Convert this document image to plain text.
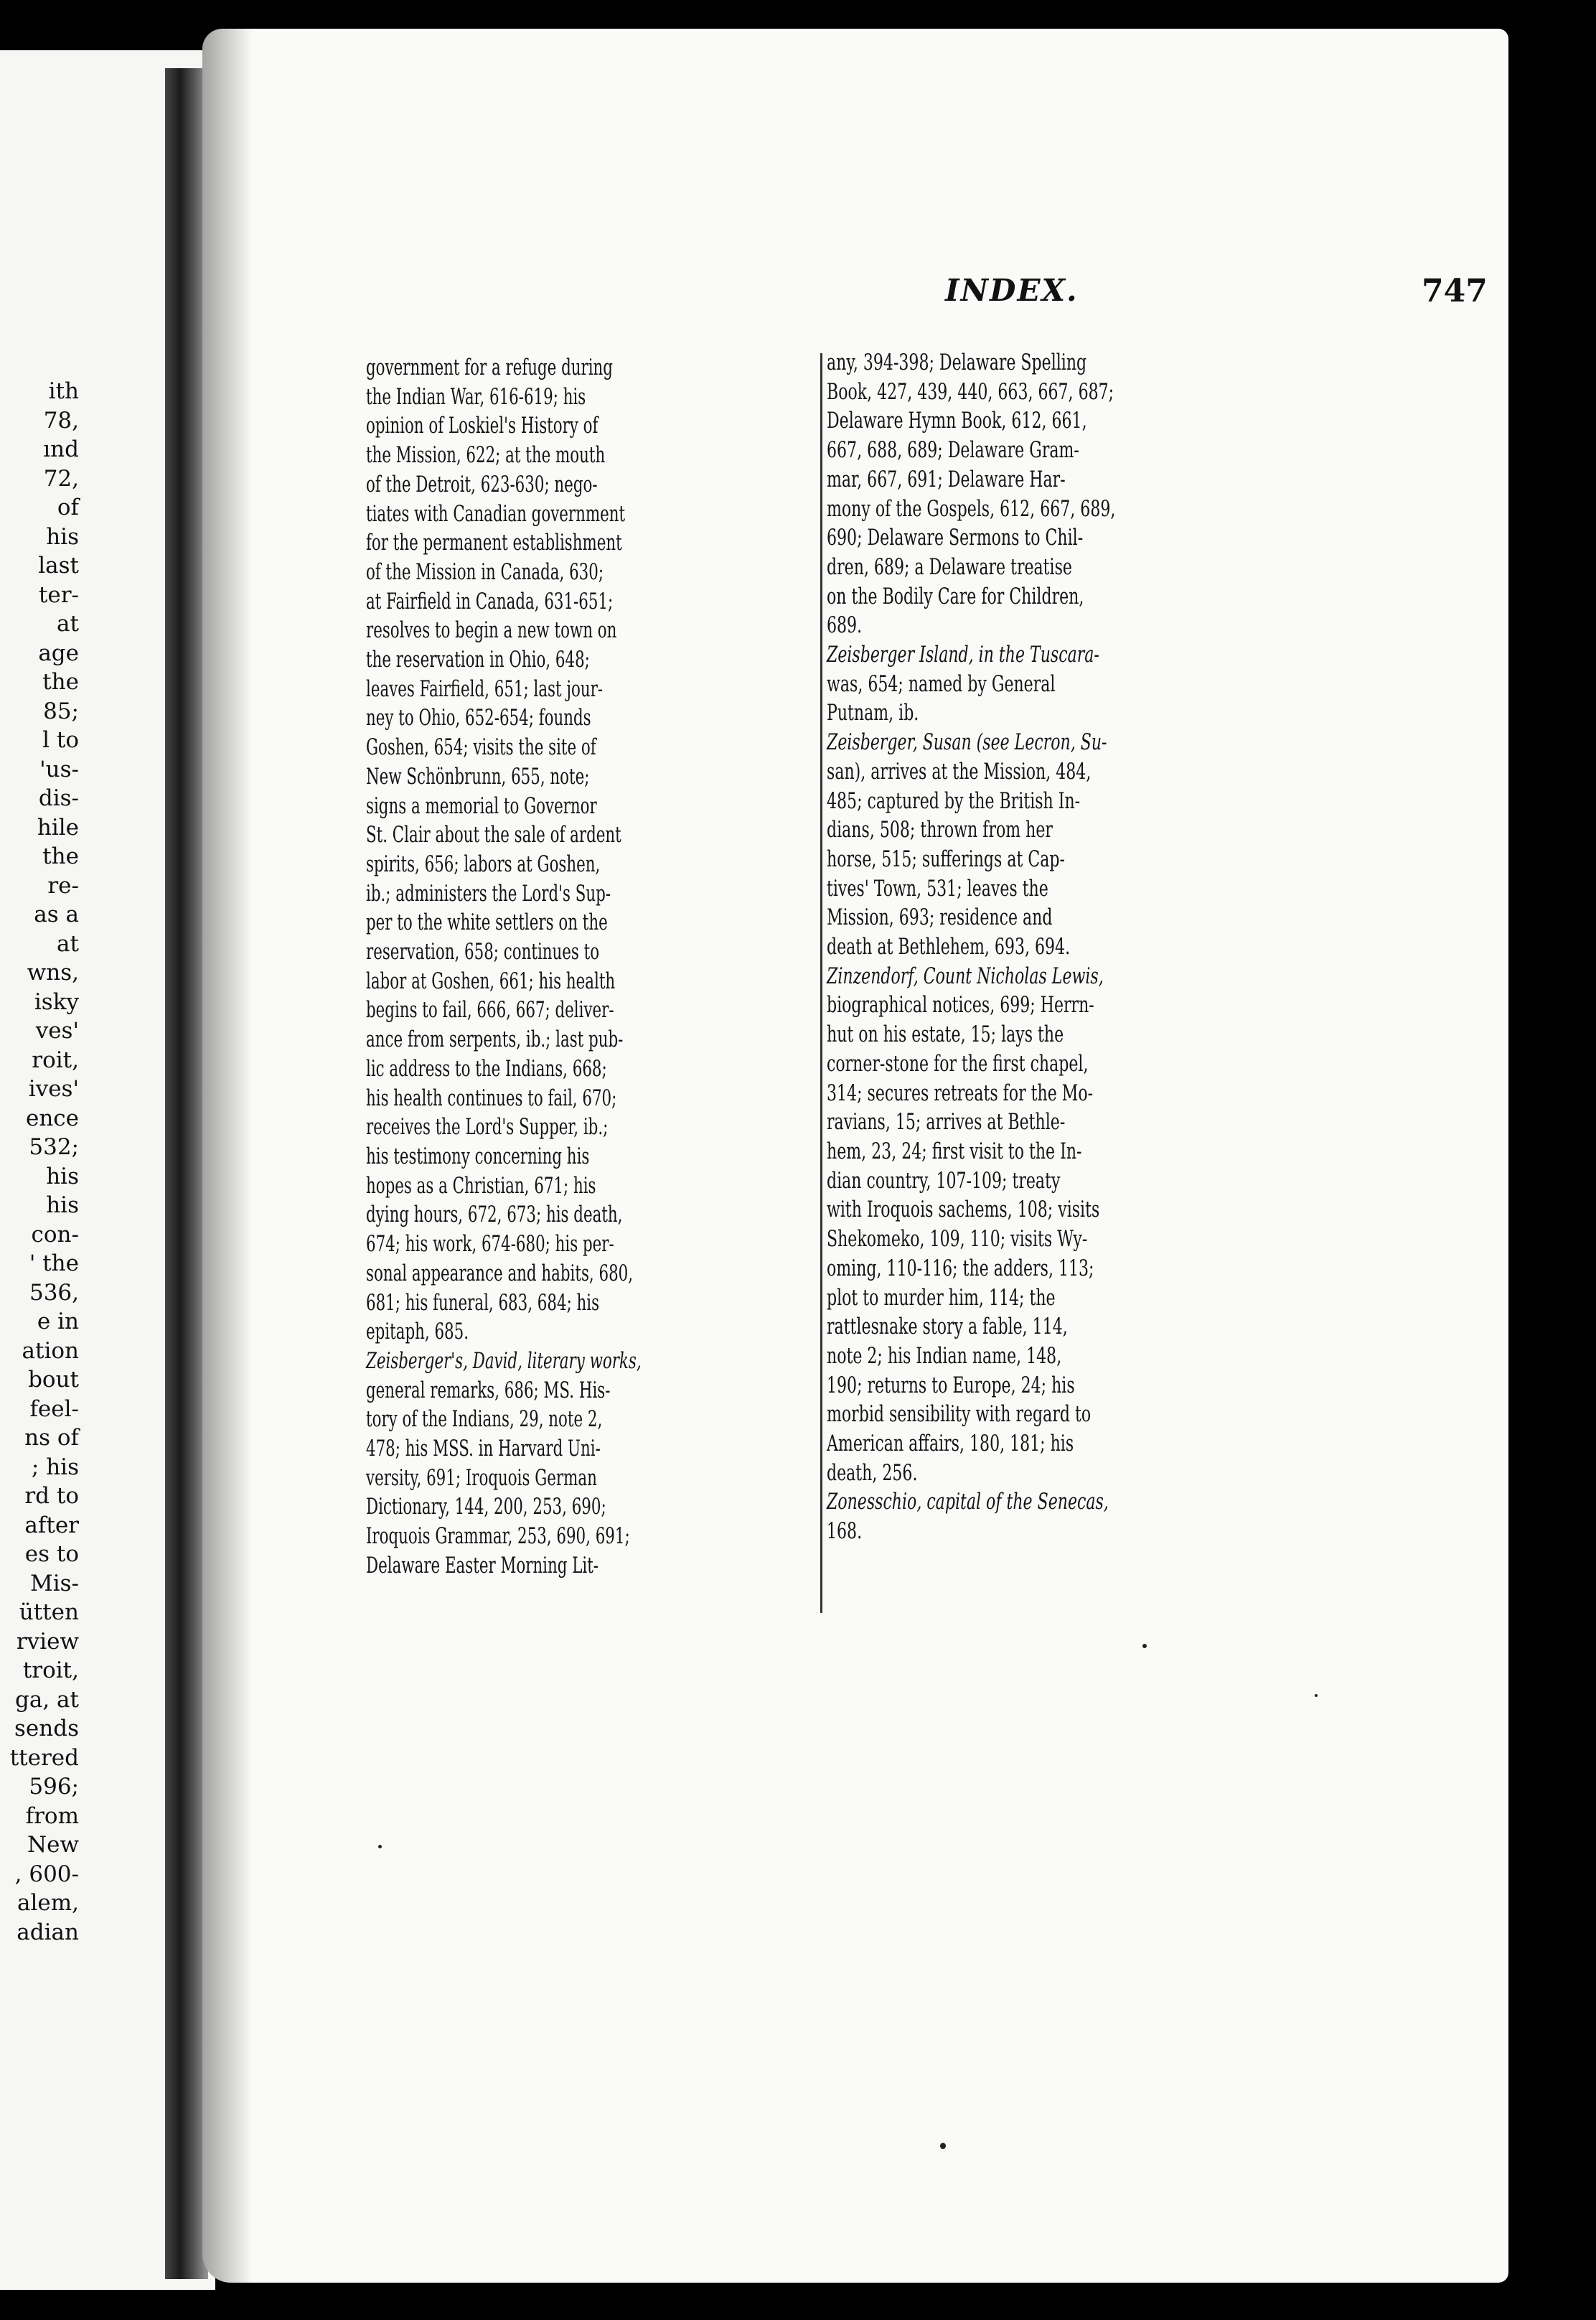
ith
78,
ınd
72,
of
his
last
ter-
at
age
the
85;
l to
'us-
dis-
hile
the
re-
as a
at
wns,
isky
ves'
roit,
ives'
ence
532;
his
his
con-
' the
536,
e in
ation
bout
feel-
ns of
; his
rd to
after
es to
Mis-
ütten
rview
troit,
ga, at
sends
ttered
596;
from
New
, 600-
alem,
adian
INDEX.	747
government for a refuge during
the Indian War, 616-619; his
opinion of Loskiel's History of
the Mission, 622; at the mouth
of the Detroit, 623-630; nego-
tiates with Canadian government
for the permanent establishment
of the Mission in Canada, 630;
at Fairfield in Canada, 631-651;
resolves to begin a new town on
the reservation in Ohio, 648;
leaves Fairfield, 651; last jour-
ney to Ohio, 652-654; founds
Goshen, 654; visits the site of
New Schönbrunn, 655, note;
signs a memorial to Governor
St. Clair about the sale of ardent
spirits, 656; labors at Goshen,
ib.; administers the Lord's Sup-
per to the white settlers on the
reservation, 658; continues to
labor at Goshen, 661; his health
begins to fail, 666, 667; deliver-
ance from serpents, ib.; last pub-
lic address to the Indians, 668;
his health continues to fail, 670;
receives the Lord's Supper, ib.;
his testimony concerning his
hopes as a Christian, 671; his
dying hours, 672, 673; his death,
674; his work, 674-680; his per-
sonal appearance and habits, 680,
681; his funeral, 683, 684; his
epitaph, 685.
Zeisberger's, David, literary works,
general remarks, 686; MS. His-
tory of the Indians, 29, note 2,
478; his MSS. in Harvard Uni-
versity, 691; Iroquois German
Dictionary, 144, 200, 253, 690;
Iroquois Grammar, 253, 690, 691;
Delaware Easter Morning Lit-
any, 394-398; Delaware Spelling
Book, 427, 439, 440, 663, 667, 687;
Delaware Hymn Book, 612, 661,
667, 688, 689; Delaware Gram-
mar, 667, 691; Delaware Har-
mony of the Gospels, 612, 667, 689,
690; Delaware Sermons to Chil-
dren, 689; a Delaware treatise
on the Bodily Care for Children,
689.
Zeisberger Island, in the Tuscara-
was, 654; named by General
Putnam, ib.
Zeisberger, Susan (see Lecron, Su-
san), arrives at the Mission, 484,
485; captured by the British In-
dians, 508; thrown from her
horse, 515; sufferings at Cap-
tives' Town, 531; leaves the
Mission, 693; residence and
death at Bethlehem, 693, 694.
Zinzendorf, Count Nicholas Lewis,
biographical notices, 699; Herrn-
hut on his estate, 15; lays the
corner-stone for the first chapel,
314; secures retreats for the Mo-
ravians, 15; arrives at Bethle-
hem, 23, 24; first visit to the In-
dian country, 107-109; treaty
with Iroquois sachems, 108; visits
Shekomeko, 109, 110; visits Wy-
oming, 110-116; the adders, 113;
plot to murder him, 114; the
rattlesnake story a fable, 114,
note 2; his Indian name, 148,
190; returns to Europe, 24; his
morbid sensibility with regard to
American affairs, 180, 181; his
death, 256.
Zonesschio, capital of the Senecas,
168.
